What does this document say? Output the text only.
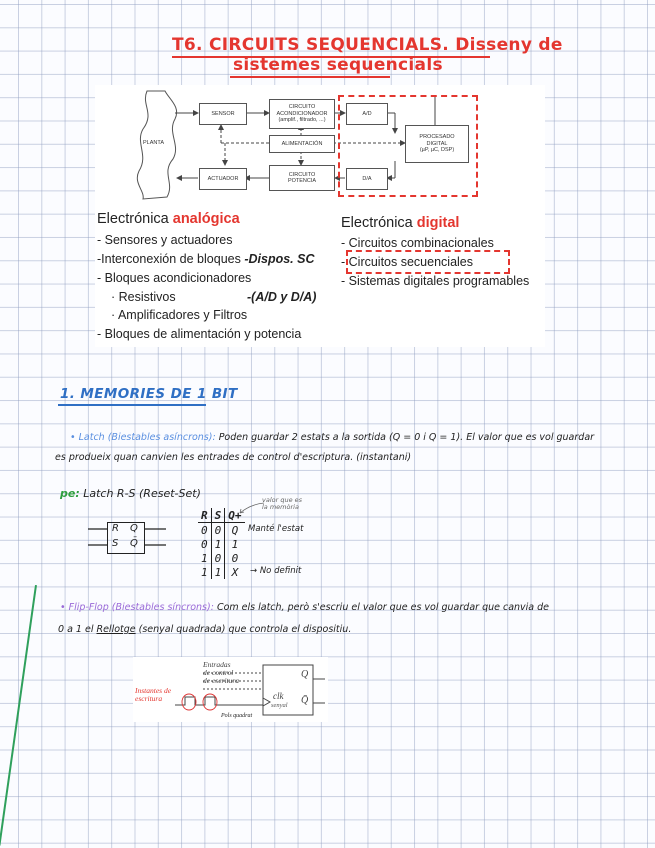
T6. CIRCUITS SEQUENCIALS. Disseny de
sistemes sequencials
PLANTA
SENSOR
CIRCUITO
ACONDICIONADOR
(amplif., filtrado, ...)
A/D
ALIMENTACIÓN
PROCESADO
DIGITAL
(µP, µC, DSP)
ACTUADOR
CIRCUITO
POTENCIA	D/A
Electrónica analógica
- Sensores y actuadores
-Interconexión de bloques -Dispos. SC
- Bloques acondicionadores
· Resistivos	-(A/D y D/A)
· Amplificadores y Filtros
- Bloques de alimentación y potencia
Electrónica digital
- Circuitos combinacionales
- Circuitos secuenciales
- Sistemas digitales programables
1. MEMORIES DE 1 BIT
• Latch (Biestables asíncrons): Poden guardar 2 estats a la sortida (Q = 0 i Q = 1). El valor que es vol guardar
es produeix quan canvien les entrades de control d'escriptura. (instantani)
pe: Latch R-S (Reset-Set)	valor que es
la memòria
R
S
Q
Q̄
R	S	Q+
0	0	Q
0	1	1
1	0	0
1	1	X
Manté l'estat
→ No definit
• Flip-Flop (Biestables síncrons): Com els latch, però s'escriu el valor que es vol guardar que canvia de
0 a 1 el Rellotge (senyal quadrada) que controla el dispositiu.
Entradas
de control
de escritura
Instantes de
escritura	clk
senyal
Q
Q̄
Pols quadrat
